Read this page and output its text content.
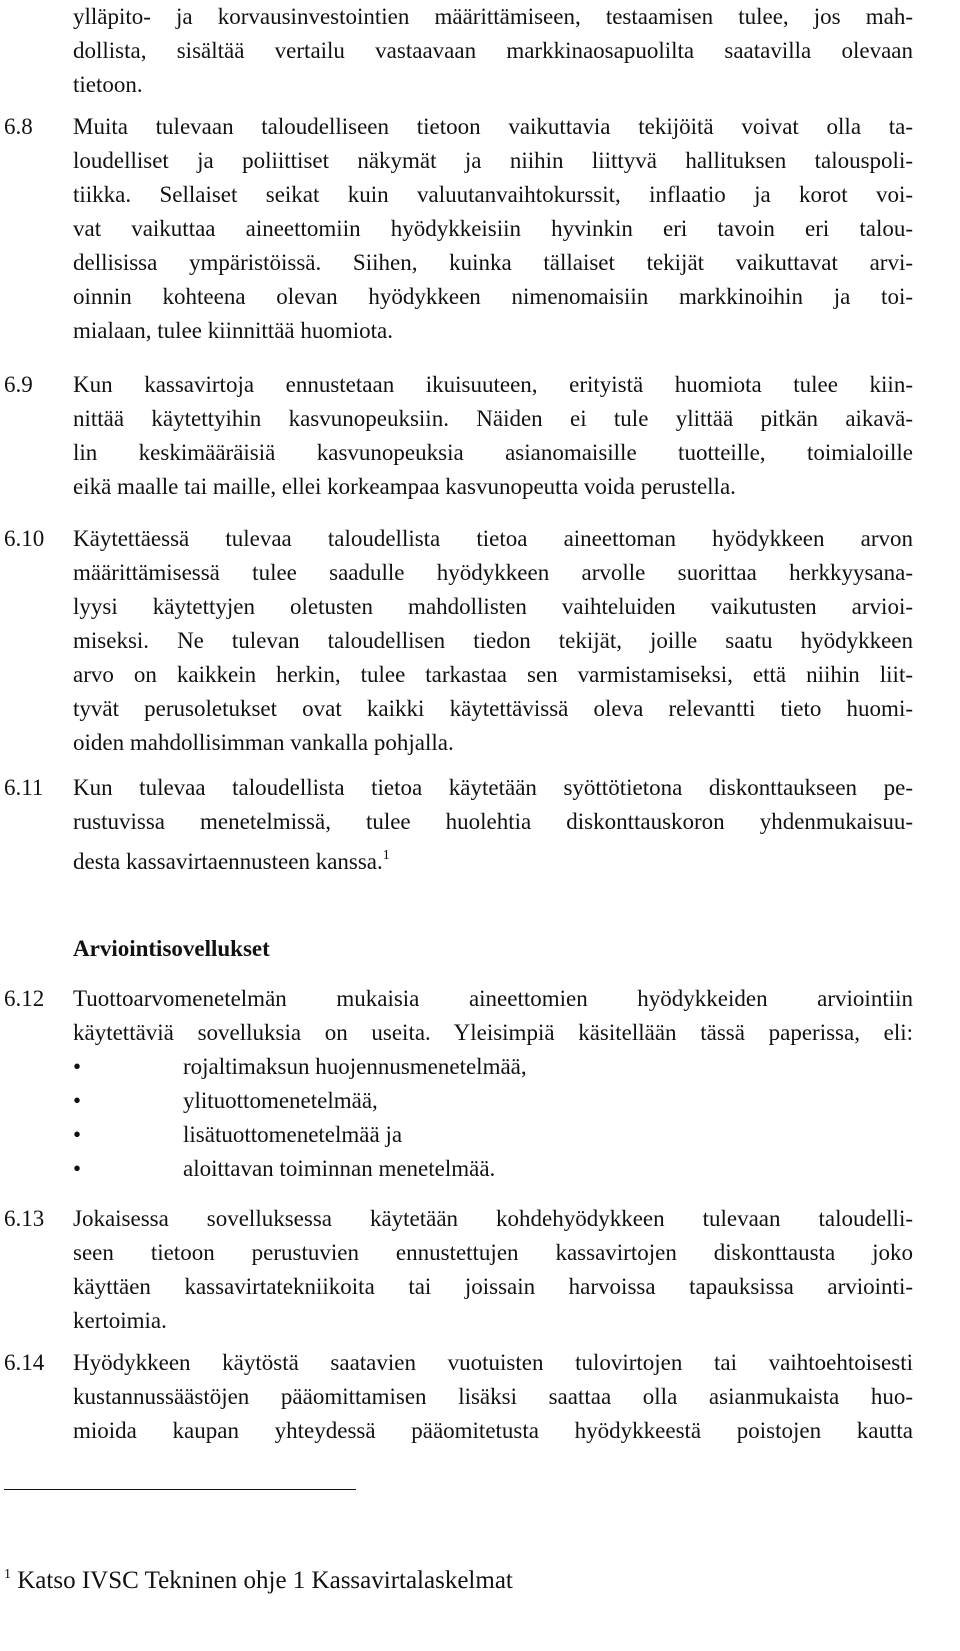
ylläpito- ja korvausinvestointien määrittämiseen, testaamisen tulee, jos mah-
dollista, sisältää vertailu vastaavaan markkinaosapuolilta saatavilla olevaan
tietoon.
6.8 Muita tulevaan taloudelliseen tietoon vaikuttavia tekijöitä voivat olla ta-
loudelliset ja poliittiset näkymät ja niihin liittyvä hallituksen talouspoli-
tiikka. Sellaiset seikat kuin valuutanvaihtokurssit, inflaatio ja korot voi-
vat vaikuttaa aineettomiin hyödykkeisiin hyvinkin eri tavoin eri talou-
dellisissa ympäristöissä. Siihen, kuinka tällaiset tekijät vaikuttavat arvi-
oinnin kohteena olevan hyödykkeen nimenomaisiin markkinoihin ja toi-
mialaan, tulee kiinnittää huomiota.
6.9 Kun kassavirtoja ennustetaan ikuisuuteen, erityistä huomiota tulee kiin-
nittää käytettyihin kasvunopeuksiin. Näiden ei tule ylittää pitkän aikavä-
lin keskimääräisiä kasvunopeuksia asianomaisille tuotteille, toimialoille
eikä maalle tai maille, ellei korkeampaa kasvunopeutta voida perustella.
6.10 Käytettäessä tulevaa taloudellista tietoa aineettoman hyödykkeen arvon
määrittämisessä tulee saadulle hyödykkeen arvolle suorittaa herkkyysana-
lyysi käytettyjen oletusten mahdollisten vaihteluiden vaikutusten arvioi-
miseksi. Ne tulevan taloudellisen tiedon tekijät, joille saatu hyödykkeen
arvo on kaikkein herkin, tulee tarkastaa sen varmistamiseksi, että niihin liit-
tyvät perusoletukset ovat kaikki käytettävissä oleva relevantti tieto huomi-
oiden mahdollisimman vankalla pohjalla.
6.11 Kun tulevaa taloudellista tietoa käytetään syöttötietona diskonttaukseen pe-
rustuvissa menetelmissä, tulee huolehtia diskonttauskoron yhdenmukaisuu-
desta kassavirtaennusteen kanssa.$^1$
Arviointisovellukset
6.12 Tuottoarvomenetelmän mukaisia aineettomien hyödykkeiden arviointiin
käytettäviä sovelluksia on useita. Yleisimpiä käsitellään tässä paperissa, eli:
•	rojaltimaksun huojennusmenetelmää,
•	ylituottomenetelmää,
•	lisätuottomenetelmää ja
•	aloittavan toiminnan menetelmää.
6.13 Jokaisessa sovelluksessa käytetään kohdehyödykkeen tulevaan taloudelli-
seen tietoon perustuvien ennustettujen kassavirtojen diskonttausta joko
käyttäen kassavirtatekniikoita tai joissain harvoissa tapauksissa arviointi-
kertoimia.
6.14 Hyödykkeen käytöstä saatavien vuotuisten tulovirtojen tai vaihtoehtoisesti
kustannussäästöjen pääomittamisen lisäksi saattaa olla asianmukaista huo-
mioida kaupan yhteydessä pääomitetusta hyödykkeestä poistojen kautta
$^1$ Katso IVSC Tekninen ohje 1 Kassavirtalaskelmat
